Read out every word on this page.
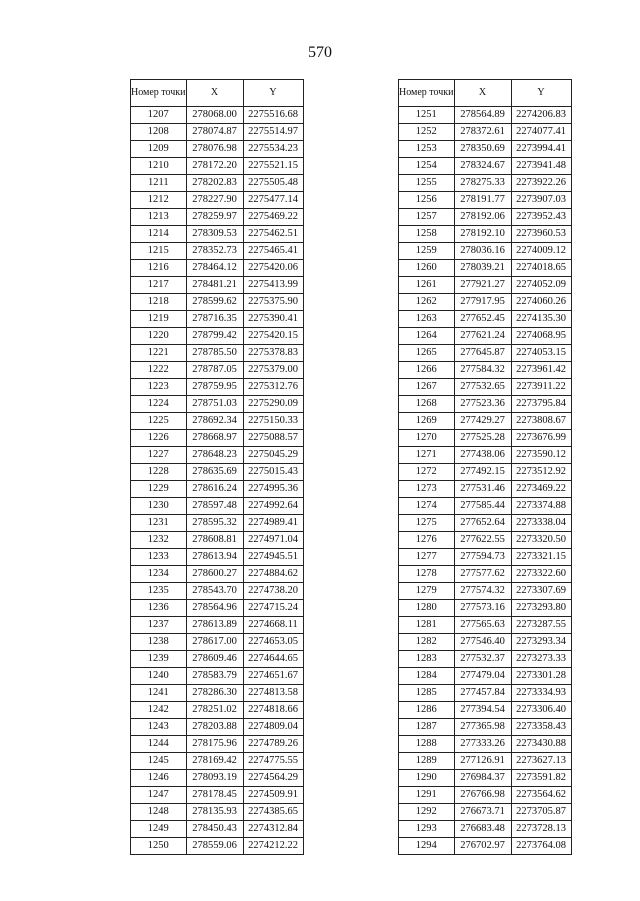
570
Номер точки	X	Y
1207	278068.00	2275516.68
1208	278074.87	2275514.97
1209	278076.98	2275534.23
1210	278172.20	2275521.15
1211	278202.83	2275505.48
1212	278227.90	2275477.14
1213	278259.97	2275469.22
1214	278309.53	2275462.51
1215	278352.73	2275465.41
1216	278464.12	2275420.06
1217	278481.21	2275413.99
1218	278599.62	2275375.90
1219	278716.35	2275390.41
1220	278799.42	2275420.15
1221	278785.50	2275378.83
1222	278787.05	2275379.00
1223	278759.95	2275312.76
1224	278751.03	2275290.09
1225	278692.34	2275150.33
1226	278668.97	2275088.57
1227	278648.23	2275045.29
1228	278635.69	2275015.43
1229	278616.24	2274995.36
1230	278597.48	2274992.64
1231	278595.32	2274989.41
1232	278608.81	2274971.04
1233	278613.94	2274945.51
1234	278600.27	2274884.62
1235	278543.70	2274738.20
1236	278564.96	2274715.24
1237	278613.89	2274668.11
1238	278617.00	2274653.05
1239	278609.46	2274644.65
1240	278583.79	2274651.67
1241	278286.30	2274813.58
1242	278251.02	2274818.66
1243	278203.88	2274809.04
1244	278175.96	2274789.26
1245	278169.42	2274775.55
1246	278093.19	2274564.29
1247	278178.45	2274509.91
1248	278135.93	2274385.65
1249	278450.43	2274312.84
1250	278559.06	2274212.22
Номер точки	X	Y
1251	278564.89	2274206.83
1252	278372.61	2274077.41
1253	278350.69	2273994.41
1254	278324.67	2273941.48
1255	278275.33	2273922.26
1256	278191.77	2273907.03
1257	278192.06	2273952.43
1258	278192.10	2273960.53
1259	278036.16	2274009.12
1260	278039.21	2274018.65
1261	277921.27	2274052.09
1262	277917.95	2274060.26
1263	277652.45	2274135.30
1264	277621.24	2274068.95
1265	277645.87	2274053.15
1266	277584.32	2273961.42
1267	277532.65	2273911.22
1268	277523.36	2273795.84
1269	277429.27	2273808.67
1270	277525.28	2273676.99
1271	277438.06	2273590.12
1272	277492.15	2273512.92
1273	277531.46	2273469.22
1274	277585.44	2273374.88
1275	277652.64	2273338.04
1276	277622.55	2273320.50
1277	277594.73	2273321.15
1278	277577.62	2273322.60
1279	277574.32	2273307.69
1280	277573.16	2273293.80
1281	277565.63	2273287.55
1282	277546.40	2273293.34
1283	277532.37	2273273.33
1284	277479.04	2273301.28
1285	277457.84	2273334.93
1286	277394.54	2273306.40
1287	277365.98	2273358.43
1288	277333.26	2273430.88
1289	277126.91	2273627.13
1290	276984.37	2273591.82
1291	276766.98	2273564.62
1292	276673.71	2273705.87
1293	276683.48	2273728.13
1294	276702.97	2273764.08
